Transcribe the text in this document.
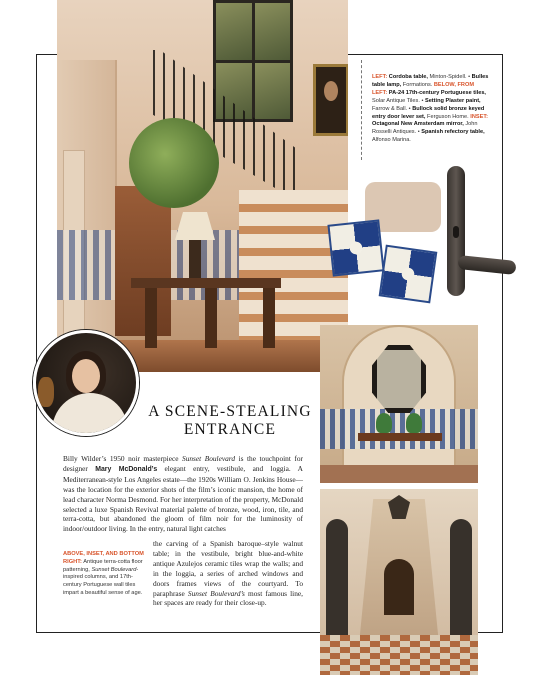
LEFT: Cordoba table, Minton-Spidell. • Bulles table lamp, Formations. BELOW, FROM LEFT: PA-24 17th-century Portuguese tiles, Solar Antique Tiles. • Setting Plaster paint, Farrow & Ball. • Bullock solid bronze keyed entry door lever set, Ferguson Home. INSET: Octagonal New Amsterdam mirror, John Rosselli Antiques. • Spanish refectory table, Alfonso Marina.
A SCENE-STEALING
ENTRANCE

Billy Wilder’s 1950 noir masterpiece Sunset Boulevard is the touchpoint for designer Mary McDonald’s elegant entry, vestibule, and loggia. A Mediterranean-style Los Angeles estate—the 1920s William O. Jenkins House—was the location for the exterior shots of the film’s iconic mansion, the home of lead character Norma Desmond. For her interpretation of the property, McDonald selected a luxe Spanish Revival material palette of bronze, wood, iron, tile, and terra-cotta, but abandoned the gloom of film noir for the luminosity of indoor/outdoor living. In the entry, natural light catches

the carving of a Spanish baroque–style walnut table; in the vestibule, bright blue-and-white antique Azulejos ceramic tiles wrap the walls; and in the loggia, a series of arched windows and doors frames views of the courtyard. To paraphrase Sunset Boulevard’s most famous line, her spaces are ready for their close-up.

ABOVE, INSET, AND BOTTOM RIGHT: Antique terra-cotta floor patterning, Sunset Boulevard-inspired columns, and 17th-century Portuguese wall tiles impart a beautiful sense of age.
